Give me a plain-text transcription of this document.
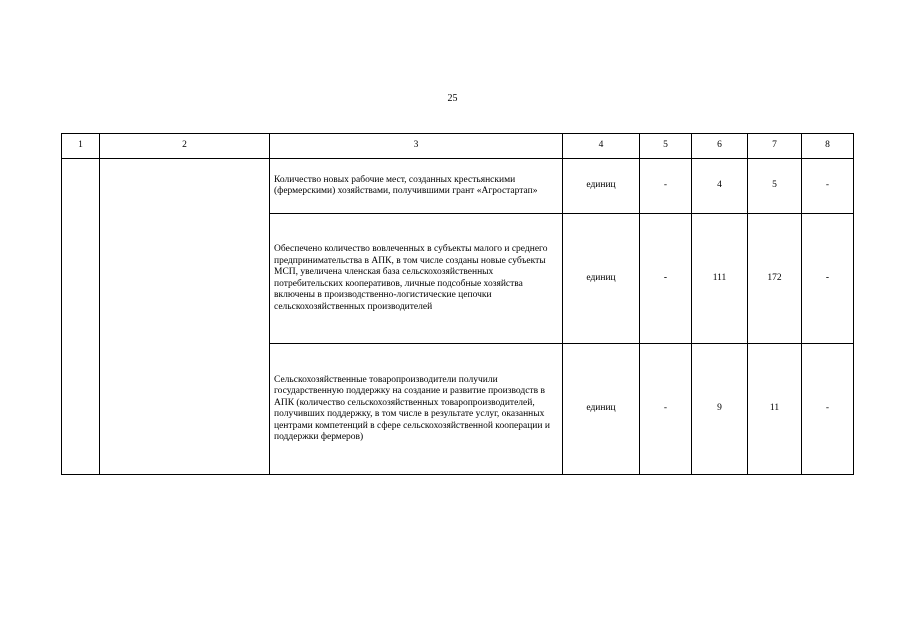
25
1	2	3	4	5	6	7	8
		Количество новых рабочие мест, созданных крестьянскими (фермерскими) хозяйствами, получившими грант «Агростартап»	единиц	-	4	5	-
		Обеспечено количество вовлеченных в субъекты малого и среднего предпринимательства в АПК, в том числе созданы новые субъекты МСП, увеличена членская база сельскохозяйственных потребительских кооперативов, личные подсобные хозяйства включены в производственно-логистические цепочки сельскохозяйственных производителей	единиц	-	111	172	-
		Сельскохозяйственные товаропроизводители получили государственную поддержку на создание и развитие производств в АПК (количество сельскохозяйственных товаропроизводителей, получивших поддержку, в том числе в результате услуг, оказанных центрами компетенций в сфере сельскохозяйственной кооперации и поддержки фермеров)	единиц	-	9	11	-
